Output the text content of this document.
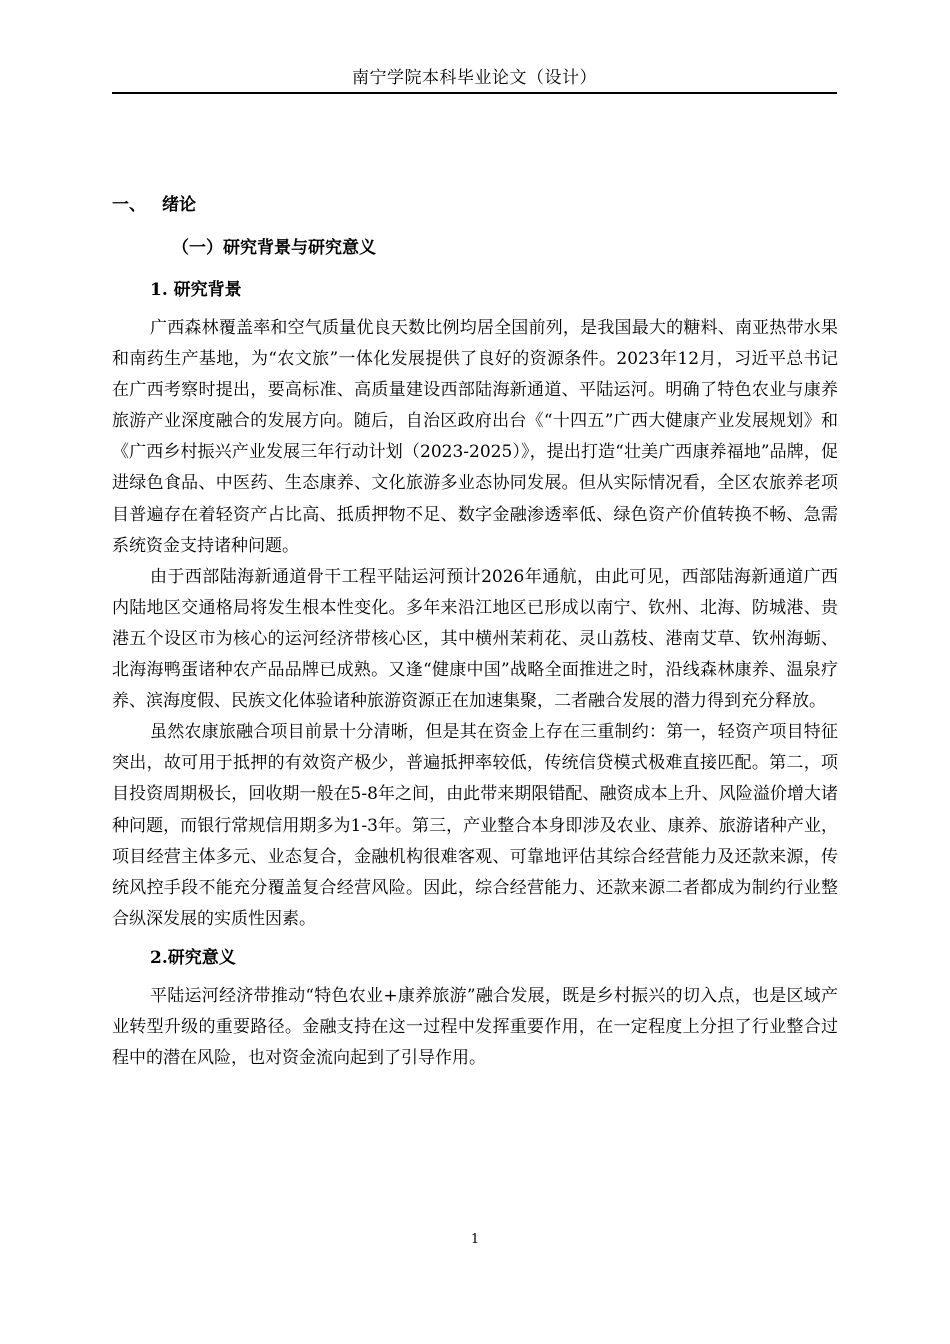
南宁学院本科毕业论文（设计）
一、 绪论
（一）研究背景与研究意义
1. 研究背景

广西森林覆盖率和空气质量优良天数比例均居全国前列，是我国最大的糖料、南亚热带水果和南药生产基地，为“农文旅”一体化发展提供了良好的资源条件。2023年12月，习近平总书记在广西考察时提出，要高标准、高质量建设西部陆海新通道、平陆运河。明确了特色农业与康养旅游产业深度融合的发展方向。随后，自治区政府出台《“十四五”广西大健康产业发展规划》和《广西乡村振兴产业发展三年行动计划（2023-2025）》，提出打造“壮美广西康养福地”品牌，促进绿色食品、中医药、生态康养、文化旅游多业态协同发展。但从实际情况看，全区农旅养老项目普遍存在着轻资产占比高、抵质押物不足、数字金融渗透率低、绿色资产价值转换不畅、急需系统资金支持诸种问题。

由于西部陆海新通道骨干工程平陆运河预计2026年通航，由此可见，西部陆海新通道广西内陆地区交通格局将发生根本性变化。多年来沿江地区已形成以南宁、钦州、北海、防城港、贵港五个设区市为核心的运河经济带核心区，其中横州茉莉花、灵山荔枝、港南艾草、钦州海蛎、北海海鸭蛋诸种农产品品牌已成熟。又逢“健康中国”战略全面推进之时，沿线森林康养、温泉疗养、滨海度假、民族文化体验诸种旅游资源正在加速集聚，二者融合发展的潜力得到充分释放。

虽然农康旅融合项目前景十分清晰，但是其在资金上存在三重制约：第一，轻资产项目特征突出，故可用于抵押的有效资产极少，普遍抵押率较低，传统信贷模式极难直接匹配。第二，项目投资周期极长，回收期一般在5-8年之间，由此带来期限错配、融资成本上升、风险溢价增大诸种问题，而银行常规信用期多为1-3年。第三，产业整合本身即涉及农业、康养、旅游诸种产业，项目经营主体多元、业态复合，金融机构很难客观、可靠地评估其综合经营能力及还款来源，传统风控手段不能充分覆盖复合经营风险。因此，综合经营能力、还款来源二者都成为制约行业整合纵深发展的实质性因素。

2.研究意义

平陆运河经济带推动“特色农业+康养旅游”融合发展，既是乡村振兴的切入点，也是区域产业转型升级的重要路径。金融支持在这一过程中发挥重要作用，在一定程度上分担了行业整合过程中的潜在风险，也对资金流向起到了引导作用。

1
